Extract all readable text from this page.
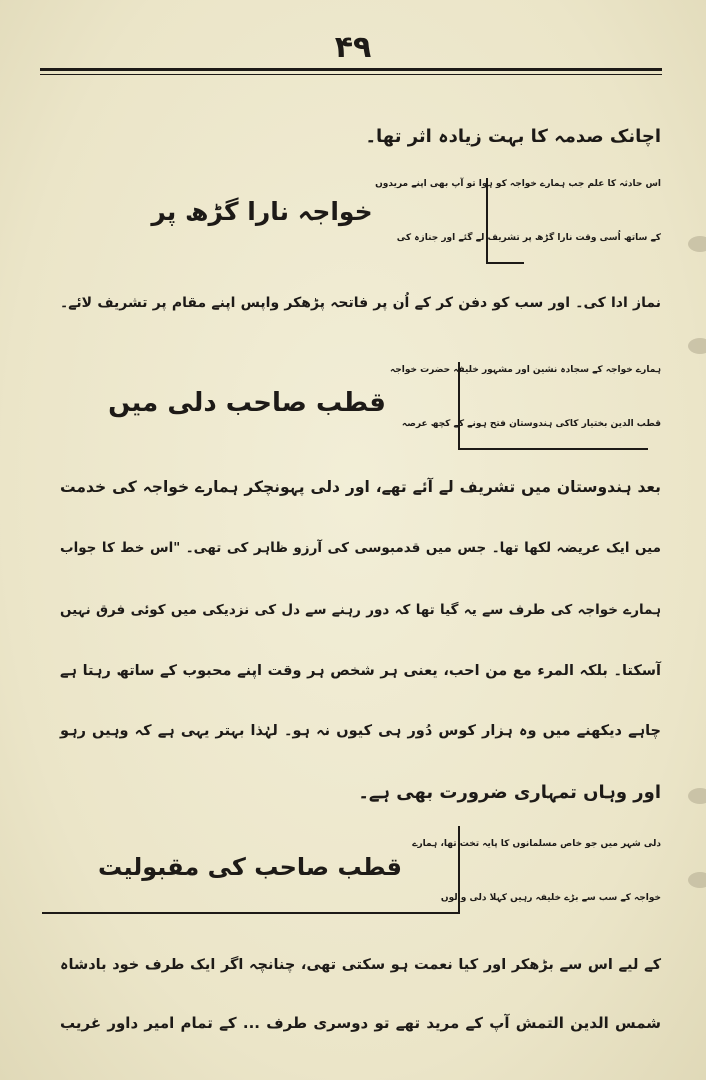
۴۹
اچانک صدمہ کا بہت زیادہ اثر تھا۔
خواجہ نارا گڑھ پر
اس حادثہ کا علم جب ہمارے خواجہ کو ہوا تو آپ بھی اپنے مریدوں
کے ساتھ اُسی وقت نارا گڑھ پر تشریف لے گئے اور جنازہ کی
نماز ادا کی۔ اور سب کو دفن کر کے اُن پر فاتحہ پڑھکر واپس اپنے مقام پر تشریف لائے۔
قطب صاحب دلی میں
ہمارے خواجہ کے سجادہ نشین اور مشہور خلیفہ حضرت خواجہ
قطب الدین بختیار کاکی ہندوستان فتح ہونے کے کچھ عرصہ
بعد ہندوستان میں تشریف لے آئے تھے، اور دلی پہونچکر ہمارے خواجہ کی خدمت
میں ایک عریضہ لکھا تھا۔ جس میں قدمبوسی کی آرزو ظاہر کی تھی۔ "اس خط کا جواب
ہمارے خواجہ کی طرف سے یہ گیا تھا کہ دور رہنے سے دل کی نزدیکی میں کوئی فرق نہیں
آسکتا۔ بلکہ المرء مع من احب، یعنی ہر شخص ہر وقت اپنے محبوب کے ساتھ رہتا ہے
چاہے دیکھنے میں وہ ہزار کوس دُور ہی کیوں نہ ہو۔ لہٰذا بہتر یہی ہے کہ وہیں رہو
اور وہاں تمہاری ضرورت بھی ہے۔
قطب صاحب کی مقبولیت
دلی شہر میں جو خاص مسلمانوں کا پایہ تخت تھا، ہمارے
خواجہ کے سب سے بڑے خلیفہ رہیں کہلا دلی والوں
کے لیے اس سے بڑھکر اور کیا نعمت ہو سکتی تھی، چنانچہ اگر ایک طرف خود بادشاہ
شمس الدین التمش آپ کے مرید تھے تو دوسری طرف ... کے تمام امیر داور غریب
